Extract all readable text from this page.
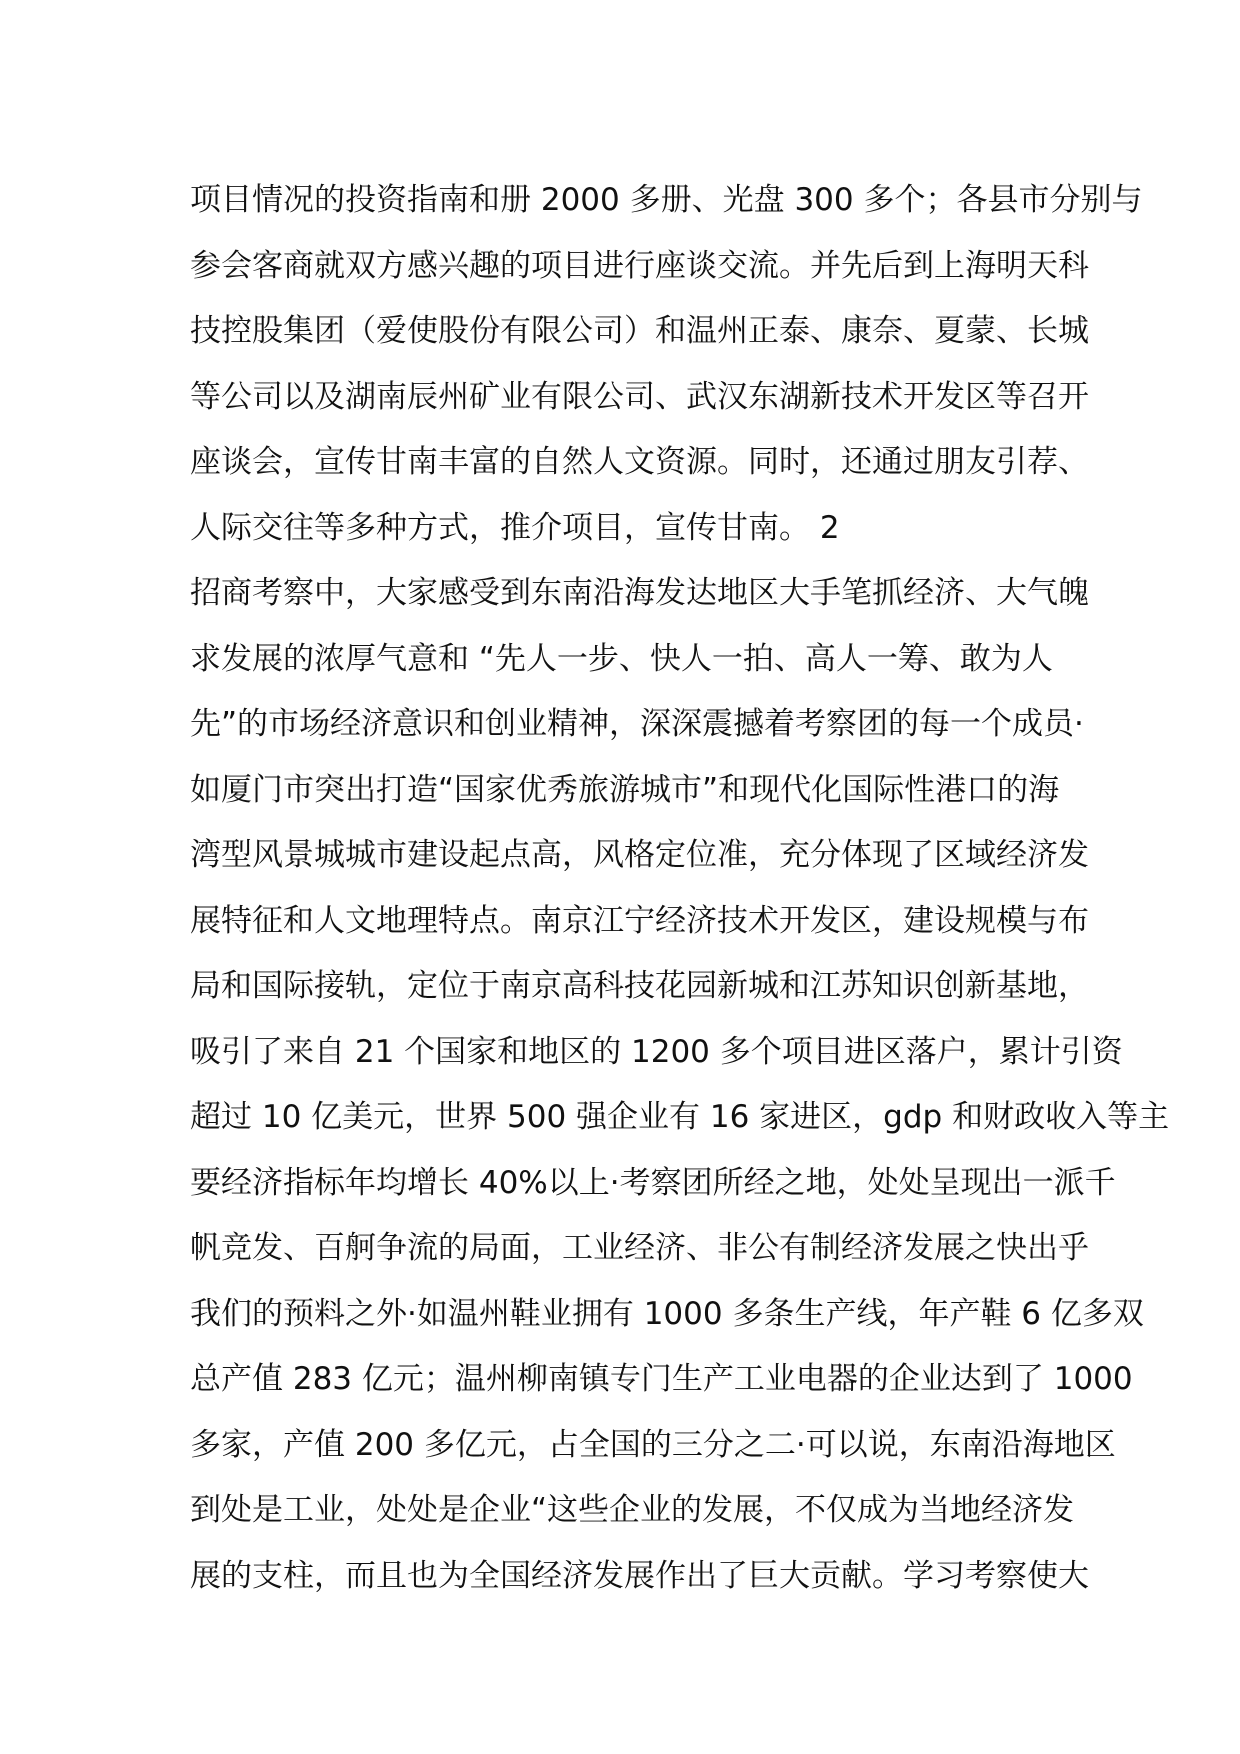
项目情况的投资指南和册 2000 多册、光盘 300 多个；各县市分别与
参会客商就双方感兴趣的项目进行座谈交流。并先后到上海明天科
技控股集团（爱使股份有限公司）和温州正泰、康奈、夏蒙、长城
等公司以及湖南辰州矿业有限公司、武汉东湖新技术开发区等召开
座谈会，宣传甘南丰富的自然人文资源。同时，还通过朋友引荐、
人际交往等多种方式，推介项目，宣传甘南。 2
招商考察中，大家感受到东南沿海发达地区大手笔抓经济、大气魄
求发展的浓厚气意和 “先人一步、快人一拍、高人一筹、敢为人
先”的市场经济意识和创业精神，深深震撼着考察团的每一个成员·
如厦门市突出打造“国家优秀旅游城市”和现代化国际性港口的海
湾型风景城城市建设起点高，风格定位准，充分体现了区域经济发
展特征和人文地理特点。南京江宁经济技术开发区，建设规模与布
局和国际接轨，定位于南京高科技花园新城和江苏知识创新基地，
吸引了来自 21 个国家和地区的 1200 多个项目进区落户，累计引资
超过 10 亿美元，世界 500 强企业有 16 家进区，gdp 和财政收入等主
要经济指标年均增长 40%以上·考察团所经之地，处处呈现出一派千
帆竞发、百舸争流的局面，工业经济、非公有制经济发展之快出乎
我们的预料之外·如温州鞋业拥有 1000 多条生产线，年产鞋 6 亿多双
总产值 283 亿元；温州柳南镇专门生产工业电器的企业达到了 1000
多家，产值 200 多亿元，占全国的三分之二·可以说，东南沿海地区
到处是工业，处处是企业“这些企业的发展，不仅成为当地经济发
展的支柱，而且也为全国经济发展作出了巨大贡献。学习考察使大
